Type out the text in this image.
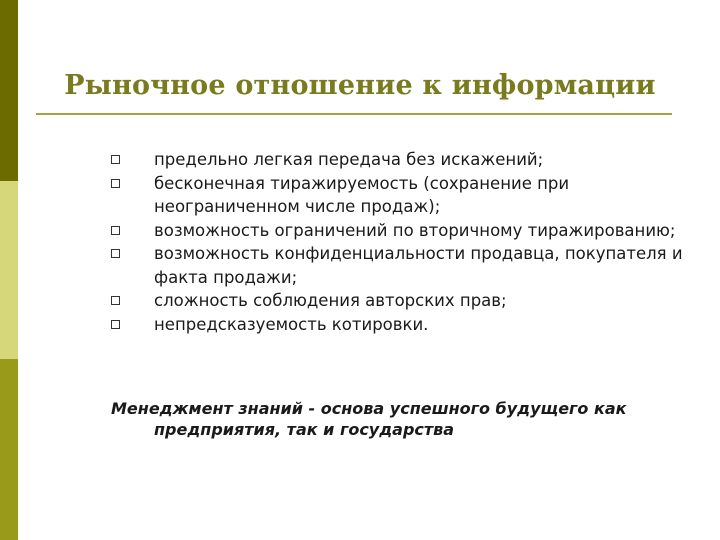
Рыночное отношение к информации
предельно легкая передача без искажений;
бесконечная тиражируемость (сохранение при неограниченном числе продаж);
возможность ограничений по вторичному тиражированию;
возможность конфиденциальности продавца, покупателя и факта продажи;
сложность соблюдения авторских прав;
непредсказуемость котировки.
Менеджмент знаний - основа успешного будущего как предприятия, так и государства
